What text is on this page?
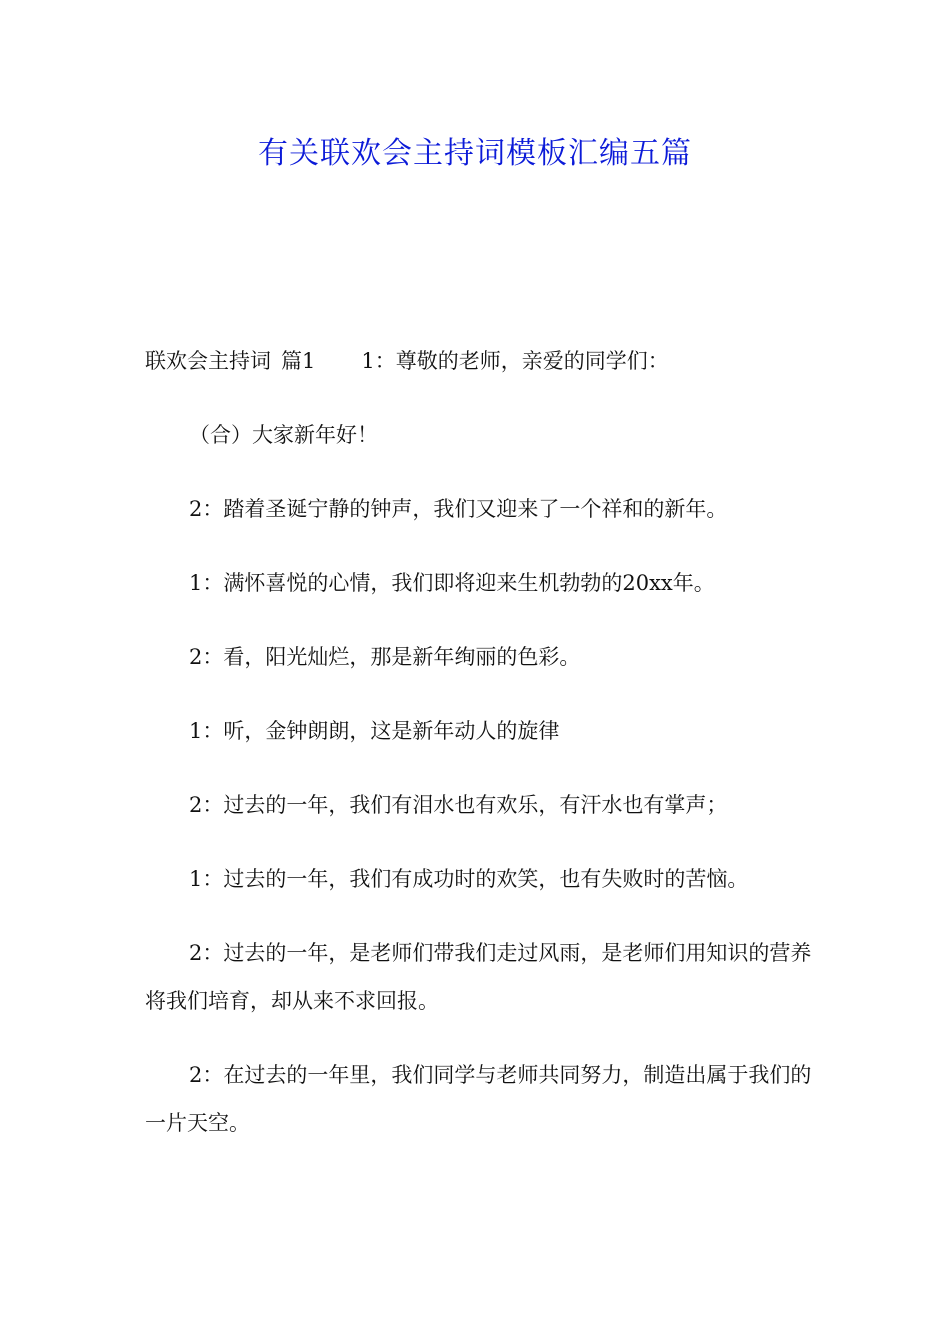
有关联欢会主持词模板汇编五篇

联欢会主持词 篇1 1：尊敬的老师，亲爱的同学们：

（合）大家新年好！

2：踏着圣诞宁静的钟声，我们又迎来了一个祥和的新年。

1：满怀喜悦的心情，我们即将迎来生机勃勃的20xx年。

2：看，阳光灿烂，那是新年绚丽的色彩。

1：听，金钟朗朗，这是新年动人的旋律

2：过去的一年，我们有泪水也有欢乐，有汗水也有掌声；

1：过去的一年，我们有成功时的欢笑，也有失败时的苦恼。

2：过去的一年，是老师们带我们走过风雨，是老师们用知识的营养将我们培育，却从来不求回报。

2：在过去的一年里，我们同学与老师共同努力，制造出属于我们的一片天空。
